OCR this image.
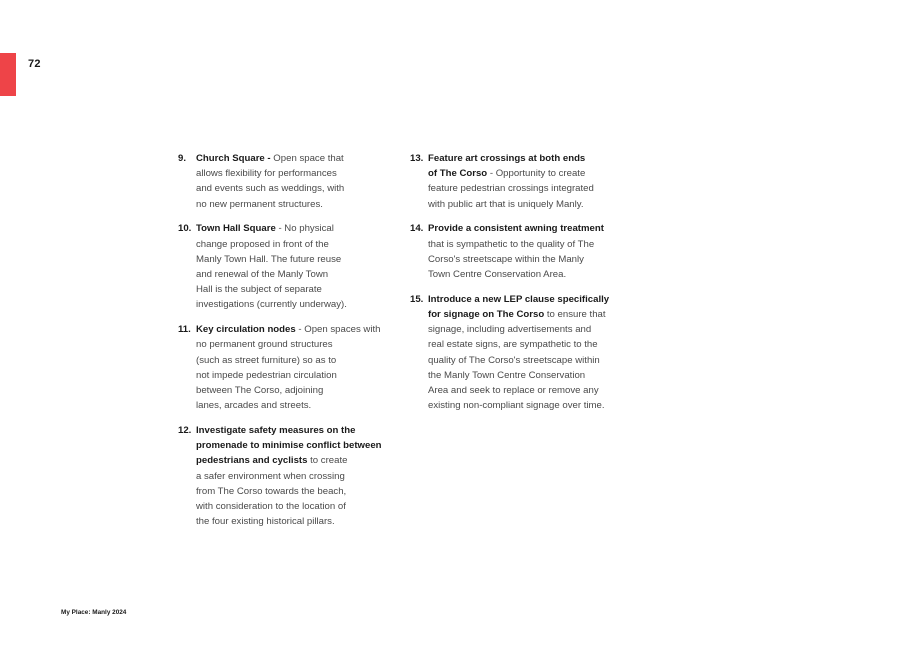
72
9. Church Square - Open space that
allows flexibility for performances
and events such as weddings, with
no new permanent structures.
10. Town Hall Square - No physical
change proposed in front of the
Manly Town Hall. The future reuse
and renewal of the Manly Town
Hall is the subject of separate
investigations (currently underway).
11. Key circulation nodes - Open spaces with
no permanent ground structures
(such as street furniture) so as to
not impede pedestrian circulation
between The Corso, adjoining
lanes, arcades and streets.
12. Investigate safety measures on the
promenade to minimise conflict between
pedestrians and cyclists to create
a safer environment when crossing
from The Corso towards the beach,
with consideration to the location of
the four existing historical pillars.
13. Feature art crossings at both ends
of The Corso - Opportunity to create
feature pedestrian crossings integrated
with public art that is uniquely Manly.
14. Provide a consistent awning treatment
that is sympathetic to the quality of The
Corso's streetscape within the Manly
Town Centre Conservation Area.
15. Introduce a new LEP clause specifically
for signage on The Corso to ensure that
signage, including advertisements and
real estate signs, are sympathetic to the
quality of The Corso's streetscape within
the Manly Town Centre Conservation
Area and seek to replace or remove any
existing non-compliant signage over time.
My Place: Manly 2024
